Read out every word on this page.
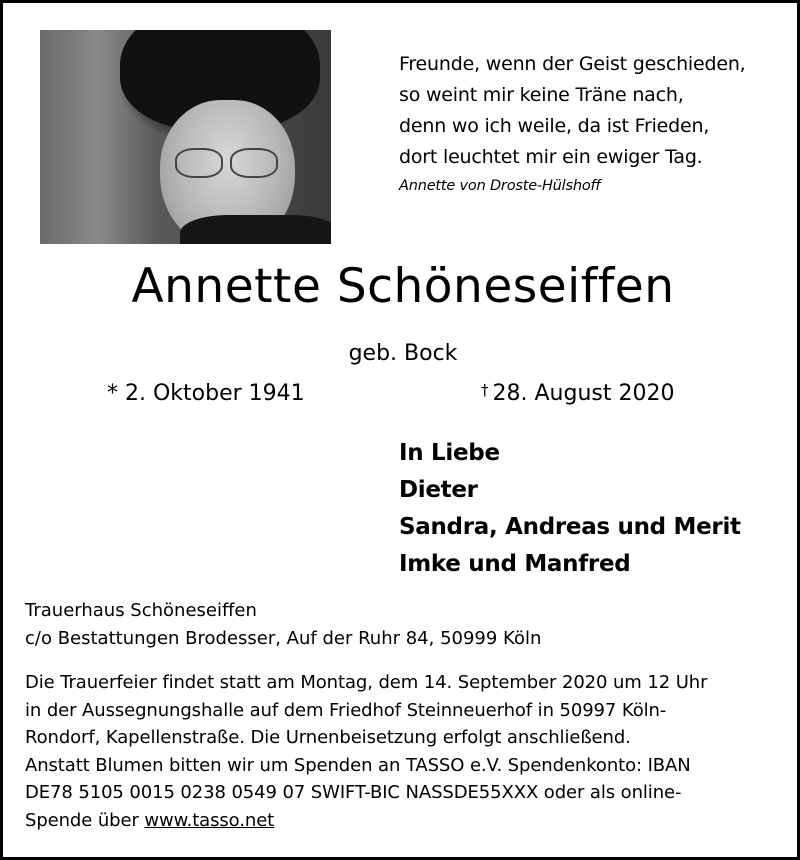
Freunde, wenn der Geist geschieden,
so weint mir keine Träne nach,
denn wo ich weile, da ist Frieden,
dort leuchtet mir ein ewiger Tag.
Annette von Droste-Hülshoff
Annette Schöneseiffen
geb. Bock
* 2. Oktober 1941	† 28. August 2020
In Liebe
Dieter
Sandra, Andreas und Merit
Imke und Manfred
Trauerhaus Schöneseiffen
c/o Bestattungen Brodesser, Auf der Ruhr 84, 50999 Köln
Die Trauerfeier findet statt am Montag, dem 14. September 2020 um 12 Uhr
in der Aussegnungshalle auf dem Friedhof Steinneuerhof in 50997 Köln-
Rondorf, Kapellenstraße. Die Urnenbeisetzung erfolgt anschließend.
Anstatt Blumen bitten wir um Spenden an TASSO e.V. Spendenkonto: IBAN
DE78 5105 0015 0238 0549 07 SWIFT-BIC NASSDE55XXX oder als online-
Spende über www.tasso.net
